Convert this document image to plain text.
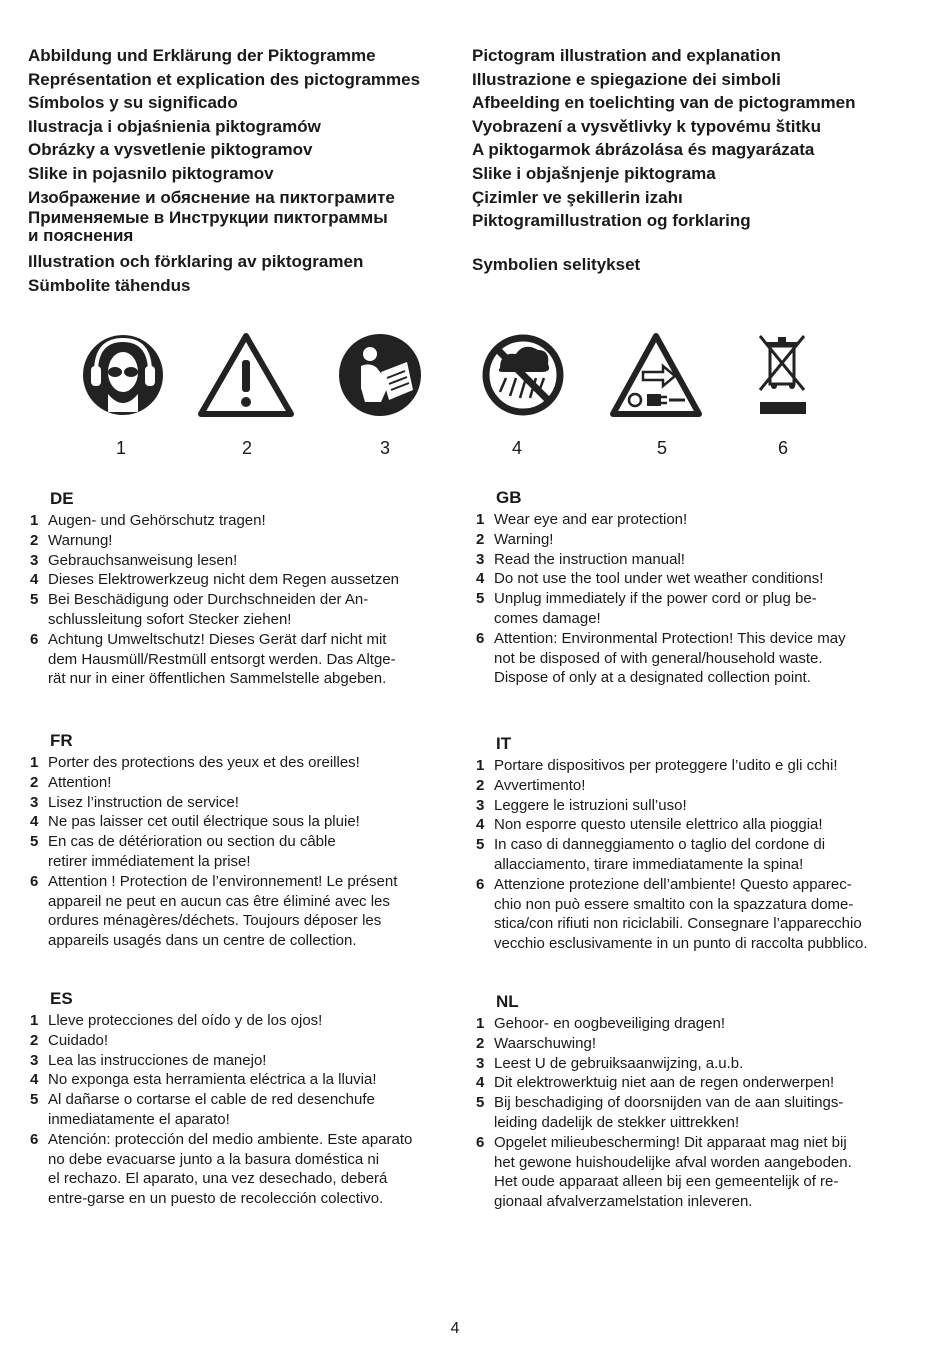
Abbildung und Erklärung der Piktogramme
Représentation et explication des pictogrammes
Símbolos y su significado
Ilustracja i objaśnienia piktogramów
Obrázky a vysvetlenie piktogramov
Slike in pojasnilo piktogramov
Изображение и обяснение на пиктограмите
Применяемые в Инструкции пиктограммы
и пояснения
Illustration och förklaring av piktogramen
Sümbolite tähendus
Pictogram illustration and explanation
Illustrazione e spiegazione dei simboli
Afbeelding en toelichting van de pictogrammen
Vyobrazení a vysvětlivky k typovému štitku
A piktogarmok ábrázolása és magyarázata
Slike i objašnjenje piktograma
Çizimler ve şekillerin izahı
Piktogramillustration og forklaring
Symbolien selitykset
1	2	3	4	5	6
DE
1 Augen- und Gehörschutz tragen!
2 Warnung!
3 Gebrauchsanweisung lesen!
4 Dieses Elektrowerkzeug nicht dem Regen aussetzen
5 Bei Beschädigung oder Durchschneiden der An-
schlussleitung sofort Stecker ziehen!
6 Achtung Umweltschutz! Dieses Gerät darf nicht mit
dem Hausmüll/Restmüll entsorgt werden. Das Altge-
rät nur in einer öffentlichen Sammelstelle abgeben.
GB
1 Wear eye and ear protection!
2 Warning!
3 Read the instruction manual!
4 Do not use the tool under wet weather conditions!
5 Unplug immediately if the power cord or plug be-
comes damage!
6 Attention: Environmental Protection! This device may
not be disposed of with general/household waste.
Dispose of only at a designated collection point.
FR
1 Porter des protections des yeux et des oreilles!
2 Attention!
3 Lisez l’instruction de service!
4 Ne pas laisser cet outil électrique sous la pluie!
5 En cas de détérioration ou section du câble
retirer immédiatement la prise!
6 Attention ! Protection de l’environnement! Le présent
appareil ne peut en aucun cas être éliminé avec les
ordures ménagères/déchets. Toujours déposer les
appareils usagés dans un centre de collection.
IT
1 Portare dispositivos per proteggere l’udito e gli cchi!
2 Avvertimento!
3 Leggere le istruzioni sull’uso!
4 Non esporre questo utensile elettrico alla pioggia!
5 In caso di danneggiamento o taglio del cordone di
allacciamento, tirare immediatamente la spina!
6 Attenzione protezione dell’ambiente! Questo apparec-
chio non può essere smaltito con la spazzatura dome-
stica/con rifiuti non riciclabili. Consegnare l’apparecchio
vecchio esclusivamente in un punto di raccolta pubblico.
ES
1 Lleve protecciones del oído y de los ojos!
2 Cuidado!
3 Lea las instrucciones de manejo!
4 No exponga esta herramienta eléctrica a la lluvia!
5 Al dañarse o cortarse el cable de red desenchufe
inmediatamente el aparato!
6 Atención: protección del medio ambiente. Este aparato
no debe evacuarse junto a la basura doméstica ni
el rechazo. El aparato, una vez desechado, deberá
entre-garse en un puesto de recolección colectivo.
NL
1 Gehoor- en oogbeveiliging dragen!
2 Waarschuwing!
3 Leest U de gebruiksaanwijzing, a.u.b.
4 Dit elektrowerktuig niet aan de regen onderwerpen!
5 Bij beschadiging of doorsnijden van de aan sluitings-
leiding dadelijk de stekker uittrekken!
6 Opgelet milieubescherming! Dit apparaat mag niet bij
het gewone huishoudelijke afval worden aangeboden.
Het oude apparaat alleen bij een gemeentelijk of re-
gionaal afvalverzamelstation inleveren.
4
